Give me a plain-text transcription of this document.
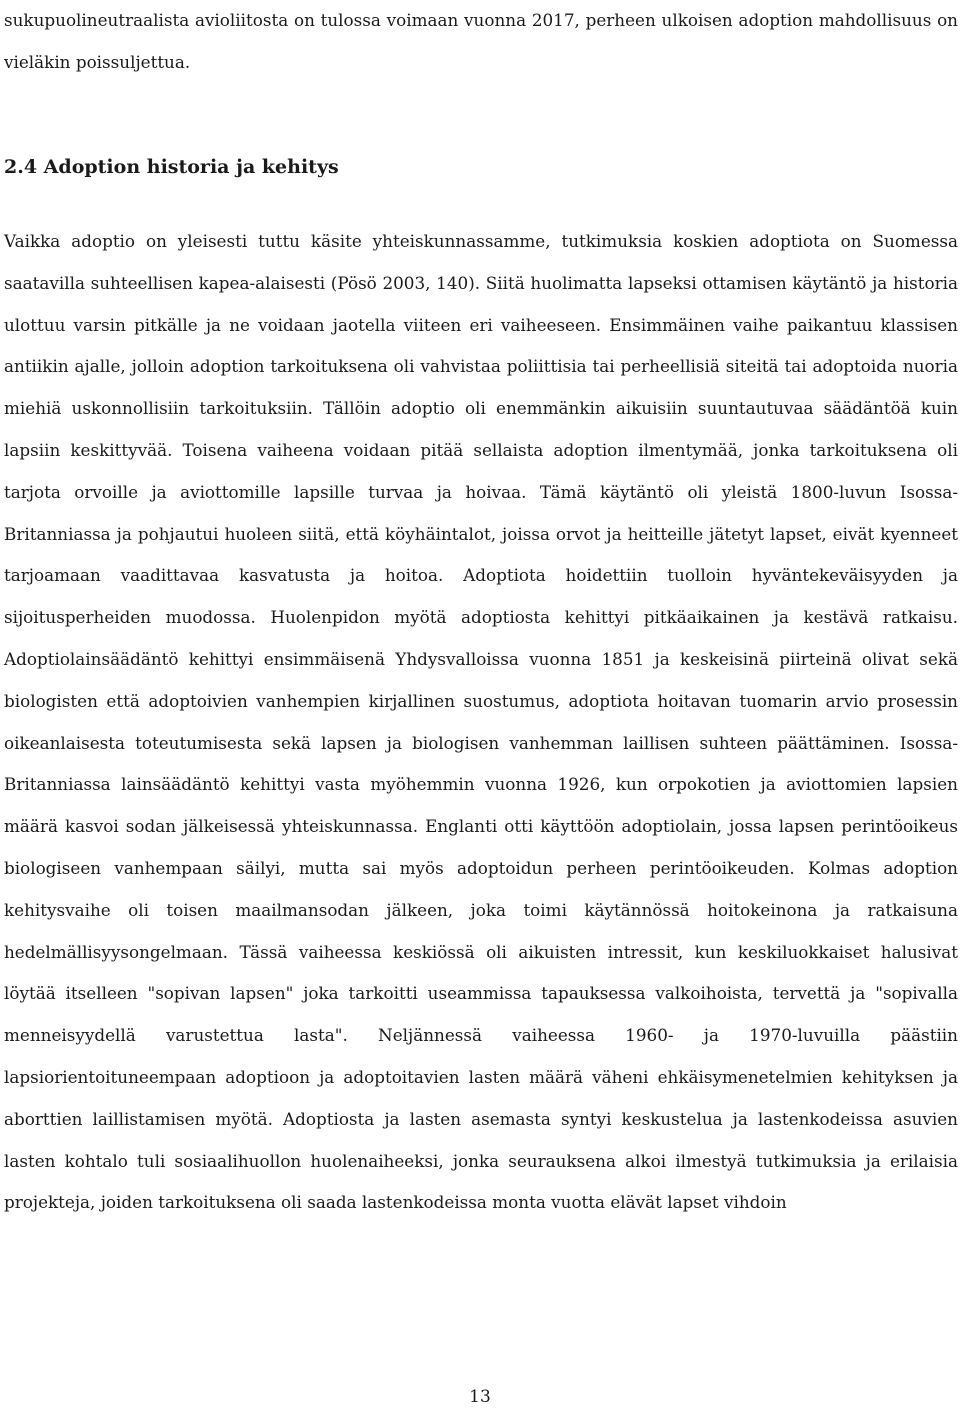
sukupuolineutraalista avioliitosta on tulossa voimaan vuonna 2017, perheen ulkoisen adoption mahdollisuus on vieläkin poissuljettua.

2.4 Adoption historia ja kehitys

Vaikka adoptio on yleisesti tuttu käsite yhteiskunnassamme, tutkimuksia koskien adoptiota on Suomessa saatavilla suhteellisen kapea-alaisesti (Pösö 2003, 140). Siitä huolimatta lapseksi ottamisen käytäntö ja historia ulottuu varsin pitkälle ja ne voidaan jaotella viiteen eri vaiheeseen. Ensimmäinen vaihe paikantuu klassisen antiikin ajalle, jolloin adoption tarkoituksena oli vahvistaa poliittisia tai perheellisiä siteitä tai adoptoida nuoria miehiä uskonnollisiin tarkoituksiin. Tällöin adoptio oli enemmänkin aikuisiin suuntautuvaa säädäntöä kuin lapsiin keskittyvää. Toisena vaiheena voidaan pitää sellaista adoption ilmentymää, jonka tarkoituksena oli tarjota orvoille ja aviottomille lapsille turvaa ja hoivaa. Tämä käytäntö oli yleistä 1800-luvun Isossa-Britanniassa ja pohjautui huoleen siitä, että köyhäintalot, joissa orvot ja heitteille jätetyt lapset, eivät kyenneet tarjoamaan vaadittavaa kasvatusta ja hoitoa. Adoptiota hoidettiin tuolloin hyväntekeväisyyden ja sijoitusperheiden muodossa. Huolenpidon myötä adoptiosta kehittyi pitkäaikainen ja kestävä ratkaisu. Adoptiolainsäädäntö kehittyi ensimmäisenä Yhdysvalloissa vuonna 1851 ja keskeisinä piirteinä olivat sekä biologisten että adoptoivien vanhempien kirjallinen suostumus, adoptiota hoitavan tuomarin arvio prosessin oikeanlaisesta toteutumisesta sekä lapsen ja biologisen vanhemman laillisen suhteen päättäminen. Isossa-Britanniassa lainsäädäntö kehittyi vasta myöhemmin vuonna 1926, kun orpokotien ja aviottomien lapsien määrä kasvoi sodan jälkeisessä yhteiskunnassa. Englanti otti käyttöön adoptiolain, jossa lapsen perintöoikeus biologiseen vanhempaan säilyi, mutta sai myös adoptoidun perheen perintöoikeuden. Kolmas adoption kehitysvaihe oli toisen maailmansodan jälkeen, joka toimi käytännössä hoitokeinona ja ratkaisuna hedelmällisyysongelmaan. Tässä vaiheessa keskiössä oli aikuisten intressit, kun keskiluokkaiset halusivat löytää itselleen "sopivan lapsen" joka tarkoitti useammissa tapauksessa valkoihoista, tervettä ja "sopivalla menneisyydellä varustettua lasta". Neljännessä vaiheessa 1960- ja 1970-luvuilla päästiin lapsiorientoituneempaan adoptioon ja adoptoitavien lasten määrä väheni ehkäisymenetelmien kehityksen ja aborttien laillistamisen myötä. Adoptiosta ja lasten asemasta syntyi keskustelua ja lastenkodeissa asuvien lasten kohtalo tuli sosiaalihuollon huolenaiheeksi, jonka seurauksena alkoi ilmestyä tutkimuksia ja erilaisia projekteja, joiden tarkoituksena oli saada lastenkodeissa monta vuotta elävät lapset vihdoin

13
